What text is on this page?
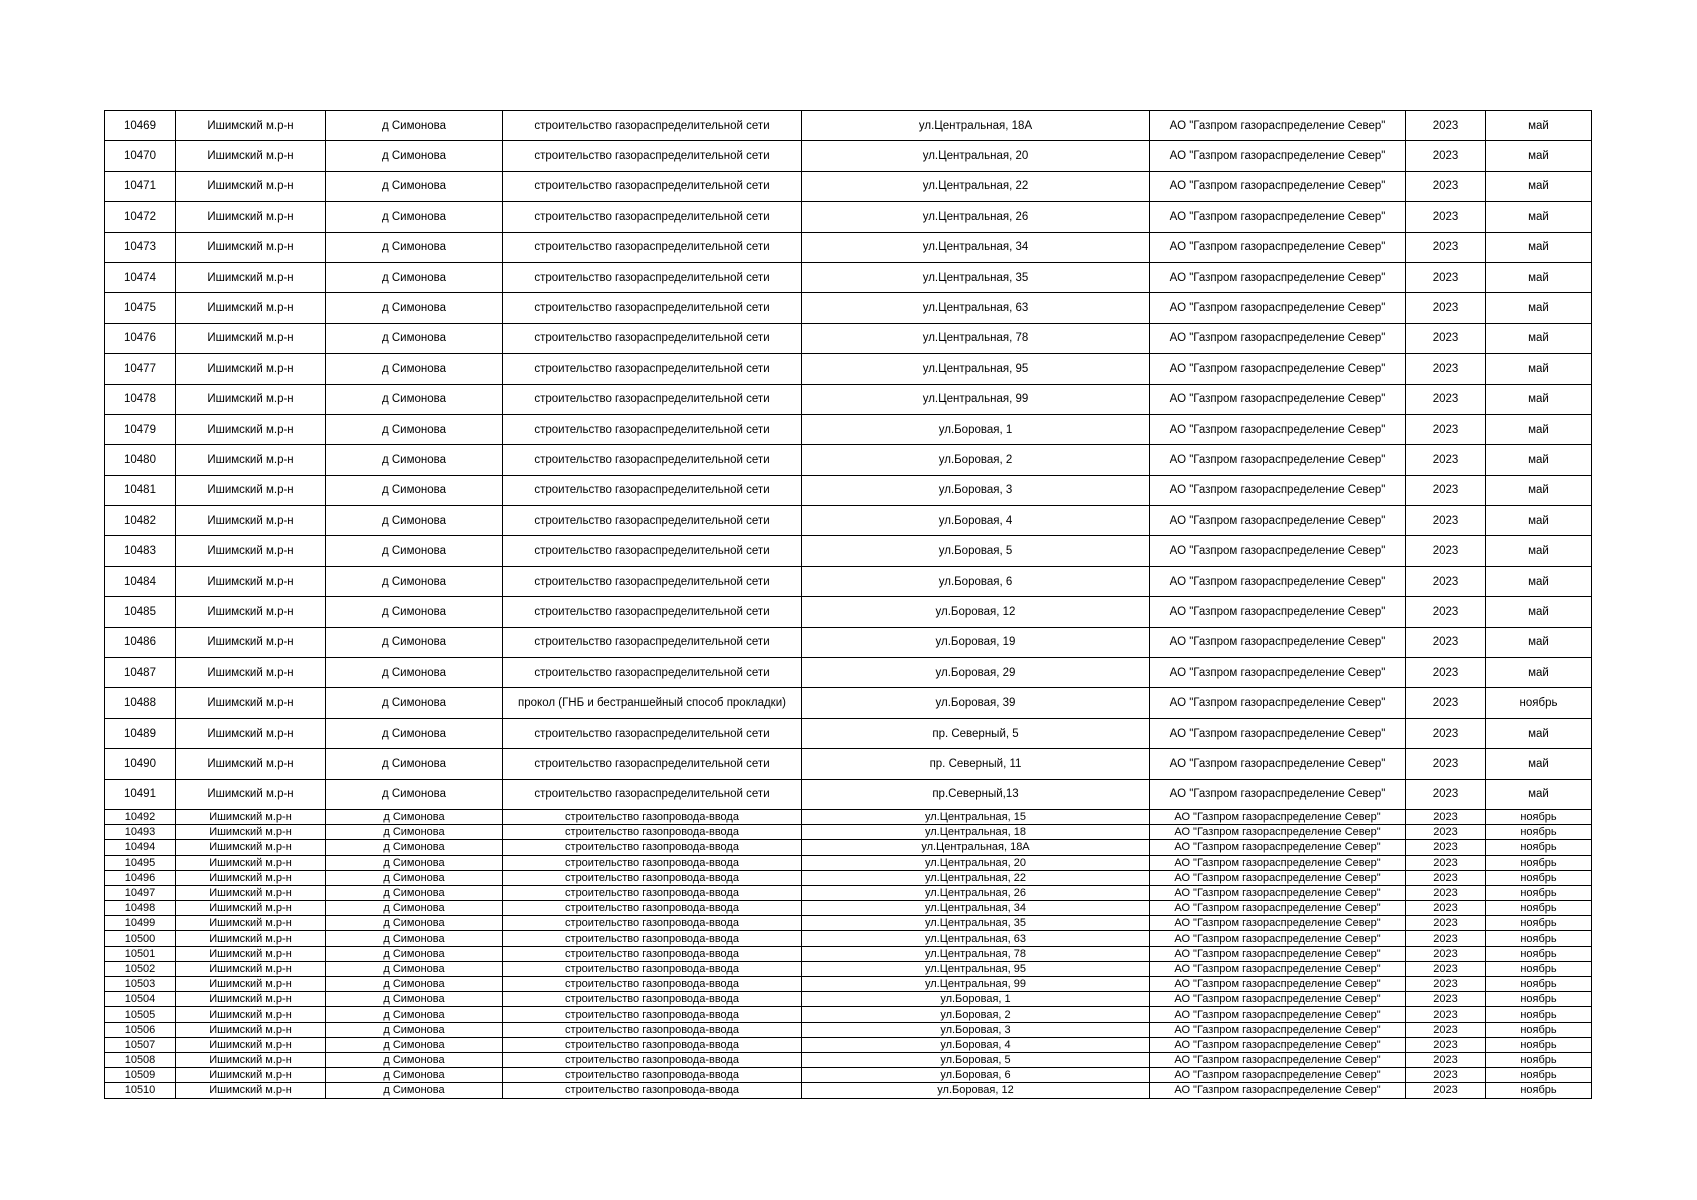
10469	Ишимский м.р-н	д Симонова	строительство газораспределительной сети	ул.Центральная, 18А	АО "Газпром газораспределение Север"	2023	май
10470	Ишимский м.р-н	д Симонова	строительство газораспределительной сети	ул.Центральная, 20	АО "Газпром газораспределение Север"	2023	май
10471	Ишимский м.р-н	д Симонова	строительство газораспределительной сети	ул.Центральная, 22	АО "Газпром газораспределение Север"	2023	май
10472	Ишимский м.р-н	д Симонова	строительство газораспределительной сети	ул.Центральная, 26	АО "Газпром газораспределение Север"	2023	май
10473	Ишимский м.р-н	д Симонова	строительство газораспределительной сети	ул.Центральная, 34	АО "Газпром газораспределение Север"	2023	май
10474	Ишимский м.р-н	д Симонова	строительство газораспределительной сети	ул.Центральная, 35	АО "Газпром газораспределение Север"	2023	май
10475	Ишимский м.р-н	д Симонова	строительство газораспределительной сети	ул.Центральная, 63	АО "Газпром газораспределение Север"	2023	май
10476	Ишимский м.р-н	д Симонова	строительство газораспределительной сети	ул.Центральная, 78	АО "Газпром газораспределение Север"	2023	май
10477	Ишимский м.р-н	д Симонова	строительство газораспределительной сети	ул.Центральная, 95	АО "Газпром газораспределение Север"	2023	май
10478	Ишимский м.р-н	д Симонова	строительство газораспределительной сети	ул.Центральная, 99	АО "Газпром газораспределение Север"	2023	май
10479	Ишимский м.р-н	д Симонова	строительство газораспределительной сети	ул.Боровая, 1	АО "Газпром газораспределение Север"	2023	май
10480	Ишимский м.р-н	д Симонова	строительство газораспределительной сети	ул.Боровая, 2	АО "Газпром газораспределение Север"	2023	май
10481	Ишимский м.р-н	д Симонова	строительство газораспределительной сети	ул.Боровая, 3	АО "Газпром газораспределение Север"	2023	май
10482	Ишимский м.р-н	д Симонова	строительство газораспределительной сети	ул.Боровая, 4	АО "Газпром газораспределение Север"	2023	май
10483	Ишимский м.р-н	д Симонова	строительство газораспределительной сети	ул.Боровая, 5	АО "Газпром газораспределение Север"	2023	май
10484	Ишимский м.р-н	д Симонова	строительство газораспределительной сети	ул.Боровая, 6	АО "Газпром газораспределение Север"	2023	май
10485	Ишимский м.р-н	д Симонова	строительство газораспределительной сети	ул.Боровая, 12	АО "Газпром газораспределение Север"	2023	май
10486	Ишимский м.р-н	д Симонова	строительство газораспределительной сети	ул.Боровая, 19	АО "Газпром газораспределение Север"	2023	май
10487	Ишимский м.р-н	д Симонова	строительство газораспределительной сети	ул.Боровая, 29	АО "Газпром газораспределение Север"	2023	май
10488	Ишимский м.р-н	д Симонова	прокол (ГНБ и бестраншейный способ прокладки)	ул.Боровая, 39	АО "Газпром газораспределение Север"	2023	ноябрь
10489	Ишимский м.р-н	д Симонова	строительство газораспределительной сети	пр. Северный, 5	АО "Газпром газораспределение Север"	2023	май
10490	Ишимский м.р-н	д Симонова	строительство газораспределительной сети	пр. Северный, 11	АО "Газпром газораспределение Север"	2023	май
10491	Ишимский м.р-н	д Симонова	строительство газораспределительной сети	пр.Северный,13	АО "Газпром газораспределение Север"	2023	май
10492	Ишимский м.р-н	д Симонова	строительство газопровода-ввода	ул.Центральная, 15	АО "Газпром газораспределение Север"	2023	ноябрь
10493	Ишимский м.р-н	д Симонова	строительство газопровода-ввода	ул.Центральная, 18	АО "Газпром газораспределение Север"	2023	ноябрь
10494	Ишимский м.р-н	д Симонова	строительство газопровода-ввода	ул.Центральная, 18А	АО "Газпром газораспределение Север"	2023	ноябрь
10495	Ишимский м.р-н	д Симонова	строительство газопровода-ввода	ул.Центральная, 20	АО "Газпром газораспределение Север"	2023	ноябрь
10496	Ишимский м.р-н	д Симонова	строительство газопровода-ввода	ул.Центральная, 22	АО "Газпром газораспределение Север"	2023	ноябрь
10497	Ишимский м.р-н	д Симонова	строительство газопровода-ввода	ул.Центральная, 26	АО "Газпром газораспределение Север"	2023	ноябрь
10498	Ишимский м.р-н	д Симонова	строительство газопровода-ввода	ул.Центральная, 34	АО "Газпром газораспределение Север"	2023	ноябрь
10499	Ишимский м.р-н	д Симонова	строительство газопровода-ввода	ул.Центральная, 35	АО "Газпром газораспределение Север"	2023	ноябрь
10500	Ишимский м.р-н	д Симонова	строительство газопровода-ввода	ул.Центральная, 63	АО "Газпром газораспределение Север"	2023	ноябрь
10501	Ишимский м.р-н	д Симонова	строительство газопровода-ввода	ул.Центральная, 78	АО "Газпром газораспределение Север"	2023	ноябрь
10502	Ишимский м.р-н	д Симонова	строительство газопровода-ввода	ул.Центральная, 95	АО "Газпром газораспределение Север"	2023	ноябрь
10503	Ишимский м.р-н	д Симонова	строительство газопровода-ввода	ул.Центральная, 99	АО "Газпром газораспределение Север"	2023	ноябрь
10504	Ишимский м.р-н	д Симонова	строительство газопровода-ввода	ул.Боровая, 1	АО "Газпром газораспределение Север"	2023	ноябрь
10505	Ишимский м.р-н	д Симонова	строительство газопровода-ввода	ул.Боровая, 2	АО "Газпром газораспределение Север"	2023	ноябрь
10506	Ишимский м.р-н	д Симонова	строительство газопровода-ввода	ул.Боровая, 3	АО "Газпром газораспределение Север"	2023	ноябрь
10507	Ишимский м.р-н	д Симонова	строительство газопровода-ввода	ул.Боровая, 4	АО "Газпром газораспределение Север"	2023	ноябрь
10508	Ишимский м.р-н	д Симонова	строительство газопровода-ввода	ул.Боровая, 5	АО "Газпром газораспределение Север"	2023	ноябрь
10509	Ишимский м.р-н	д Симонова	строительство газопровода-ввода	ул.Боровая, 6	АО "Газпром газораспределение Север"	2023	ноябрь
10510	Ишимский м.р-н	д Симонова	строительство газопровода-ввода	ул.Боровая, 12	АО "Газпром газораспределение Север"	2023	ноябрь
